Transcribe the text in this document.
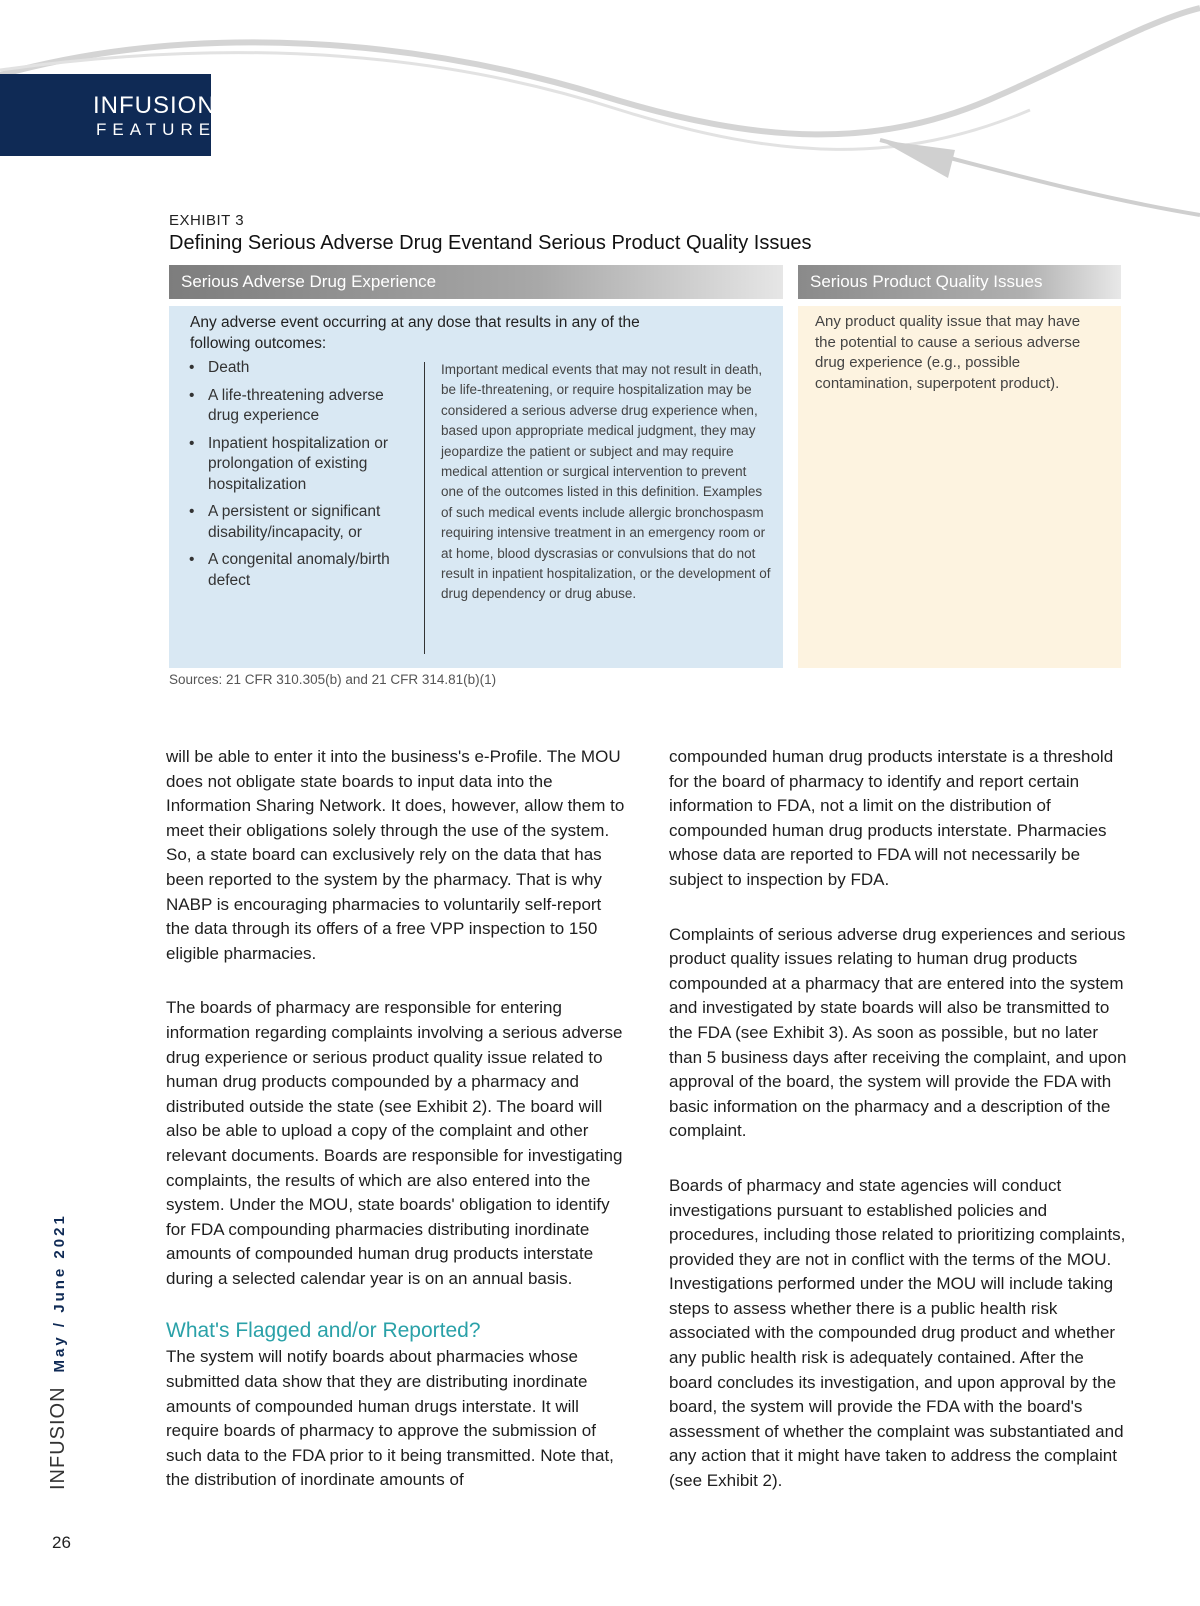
INFUSION
FEATURE
EXHIBIT 3
Defining Serious Adverse Drug Eventand Serious Product Quality Issues
Serious Adverse Drug Experience	Serious Product Quality Issues
Any adverse event occurring at any dose that results in any of the following outcomes:
• Death
• A life-threatening adverse drug experience
• Inpatient hospitalization or prolongation of existing hospitalization
• A persistent or significant disability/incapacity, or
• A congenital anomaly/birth defect
Important medical events that may not result in death, be life-threatening, or require hospitalization may be considered a serious adverse drug experience when, based upon appropriate medical judgment, they may jeopardize the patient or subject and may require medical attention or surgical intervention to prevent one of the outcomes listed in this definition. Examples of such medical events include allergic bronchospasm requiring intensive treatment in an emergency room or at home, blood dyscrasias or convulsions that do not result in inpatient hospitalization, or the development of drug dependency or drug abuse.
Any product quality issue that may have the potential to cause a serious adverse drug experience (e.g., possible contamination, superpotent product).
Sources: 21 CFR 310.305(b) and 21 CFR 314.81(b)(1)

will be able to enter it into the business's e-Profile. The MOU does not obligate state boards to input data into the Information Sharing Network. It does, however, allow them to meet their obligations solely through the use of the system. So, a state board can exclusively rely on the data that has been reported to the system by the pharmacy. That is why NABP is encouraging pharmacies to voluntarily self-report the data through its offers of a free VPP inspection to 150 eligible pharmacies.

The boards of pharmacy are responsible for entering information regarding complaints involving a serious adverse drug experience or serious product quality issue related to human drug products compounded by a pharmacy and distributed outside the state (see Exhibit 2). The board will also be able to upload a copy of the complaint and other relevant documents. Boards are responsible for investigating complaints, the results of which are also entered into the system. Under the MOU, state boards' obligation to identify for FDA compounding pharmacies distributing inordinate amounts of compounded human drug products interstate during a selected calendar year is on an annual basis.

What's Flagged and/or Reported?

The system will notify boards about pharmacies whose submitted data show that they are distributing inordinate amounts of compounded human drugs interstate. It will require boards of pharmacy to approve the submission of such data to the FDA prior to it being transmitted. Note that, the distribution of inordinate amounts of

compounded human drug products interstate is a threshold for the board of pharmacy to identify and report certain information to FDA, not a limit on the distribution of compounded human drug products interstate. Pharmacies whose data are reported to FDA will not necessarily be subject to inspection by FDA.

Complaints of serious adverse drug experiences and serious product quality issues relating to human drug products compounded at a pharmacy that are entered into the system and investigated by state boards will also be transmitted to the FDA (see Exhibit 3). As soon as possible, but no later than 5 business days after receiving the complaint, and upon approval of the board, the system will provide the FDA with basic information on the pharmacy and a description of the complaint.

Boards of pharmacy and state agencies will conduct investigations pursuant to established policies and procedures, including those related to prioritizing complaints, provided they are not in conflict with the terms of the MOU. Investigations performed under the MOU will include taking steps to assess whether there is a public health risk associated with the compounded drug product and whether any public health risk is adequately contained. After the board concludes its investigation, and upon approval by the board, the system will provide the FDA with the board's assessment of whether the complaint was substantiated and any action that it might have taken to address the complaint (see Exhibit 2).

INFUSIONMay / June 2021
26
